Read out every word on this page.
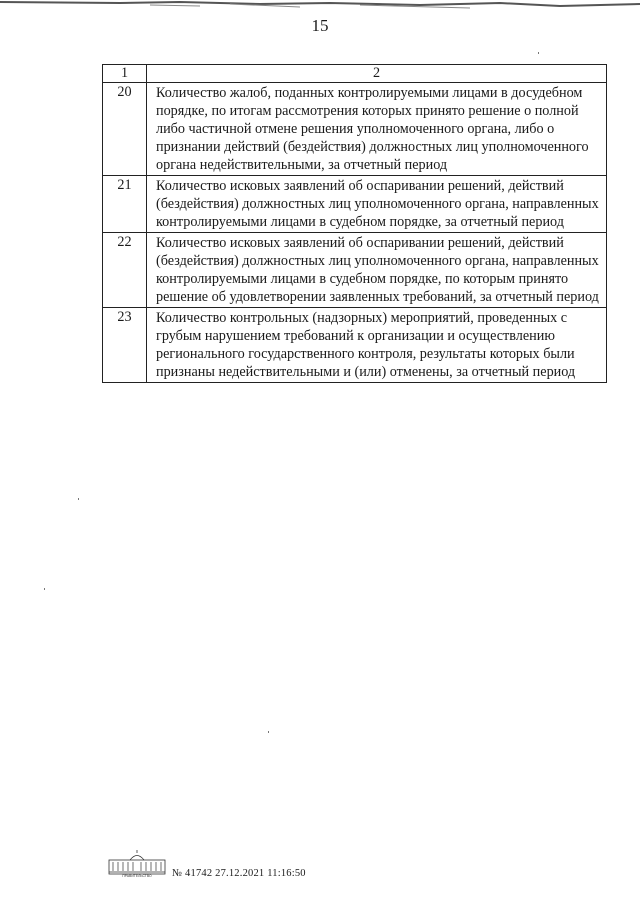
15
1	2
20	Количество жалоб, поданных контролируемыми лицами в досудебном порядке, по итогам рассмотрения которых принято решение о полной либо частичной отмене решения уполномоченного органа, либо о признании действий (бездействия) должностных лиц уполномоченного органа недействительными, за отчетный период
21	Количество исковых заявлений об оспаривании решений, действий (бездействия) должностных лиц уполномоченного органа, направленных контролируемыми лицами в судебном порядке, за отчетный период
22	Количество исковых заявлений об оспаривании решений, действий (бездействия) должностных лиц уполномоченного органа, направленных контролируемыми лицами в судебном порядке, по которым принято решение об удовлетворении заявленных требований, за отчетный период
23	Количество контрольных (надзорных) мероприятий, проведенных с грубым нарушением требований к организации и осуществлению регионального государственного контроля, результаты которых были признаны недействительными и (или) отменены, за отчетный период
ПРАВИТЕЛЬСТВО № 41742 27.12.2021 11:16:50
